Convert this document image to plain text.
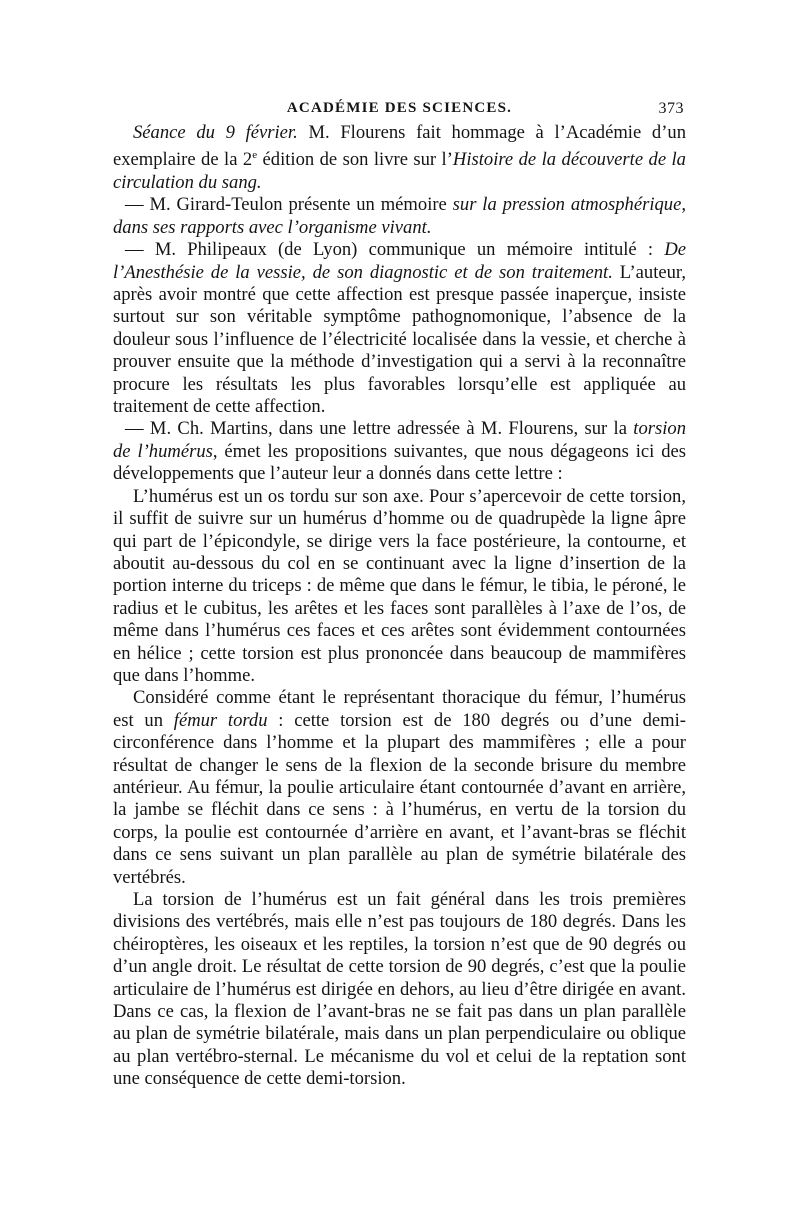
ACADÉMIE DES SCIENCES.	373

Séance du 9 février. M. Flourens fait hommage à l’Académie d’un exemplaire de la 2e édition de son livre sur l’Histoire de la découverte de la circulation du sang.

— M. Girard-Teulon présente un mémoire sur la pression atmosphérique, dans ses rapports avec l’organisme vivant.

— M. Philipeaux (de Lyon) communique un mémoire intitulé : De l’Anesthésie de la vessie, de son diagnostic et de son traitement. L’auteur, après avoir montré que cette affection est presque passée inaperçue, insiste surtout sur son véritable symptôme pathognomonique, l’absence de la douleur sous l’influence de l’électricité localisée dans la vessie, et cherche à prouver ensuite que la méthode d’investigation qui a servi à la reconnaître procure les résultats les plus favorables lorsqu’elle est appliquée au traitement de cette affection.

— M. Ch. Martins, dans une lettre adressée à M. Flourens, sur la torsion de l’humérus, émet les propositions suivantes, que nous dégageons ici des développements que l’auteur leur a donnés dans cette lettre :

L’humérus est un os tordu sur son axe. Pour s’apercevoir de cette torsion, il suffit de suivre sur un humérus d’homme ou de quadrupède la ligne âpre qui part de l’épicondyle, se dirige vers la face postérieure, la contourne, et aboutit au-dessous du col en se continuant avec la ligne d’insertion de la portion interne du triceps : de même que dans le fémur, le tibia, le péroné, le radius et le cubitus, les arêtes et les faces sont parallèles à l’axe de l’os, de même dans l’humérus ces faces et ces arêtes sont évidemment contournées en hélice ; cette torsion est plus prononcée dans beaucoup de mammifères que dans l’homme.

Considéré comme étant le représentant thoracique du fémur, l’humérus est un fémur tordu : cette torsion est de 180 degrés ou d’une demi-circonférence dans l’homme et la plupart des mammifères ; elle a pour résultat de changer le sens de la flexion de la seconde brisure du membre antérieur. Au fémur, la poulie articulaire étant contournée d’avant en arrière, la jambe se fléchit dans ce sens : à l’humérus, en vertu de la torsion du corps, la poulie est contournée d’arrière en avant, et l’avant-bras se fléchit dans ce sens suivant un plan parallèle au plan de symétrie bilatérale des vertébrés.

La torsion de l’humérus est un fait général dans les trois premières divisions des vertébrés, mais elle n’est pas toujours de 180 degrés. Dans les chéiroptères, les oiseaux et les reptiles, la torsion n’est que de 90 degrés ou d’un angle droit. Le résultat de cette torsion de 90 degrés, c’est que la poulie articulaire de l’humérus est dirigée en dehors, au lieu d’être dirigée en avant. Dans ce cas, la flexion de l’avant-bras ne se fait pas dans un plan parallèle au plan de symétrie bilatérale, mais dans un plan perpendiculaire ou oblique au plan vertébro-sternal. Le mécanisme du vol et celui de la reptation sont une conséquence de cette demi-torsion.
